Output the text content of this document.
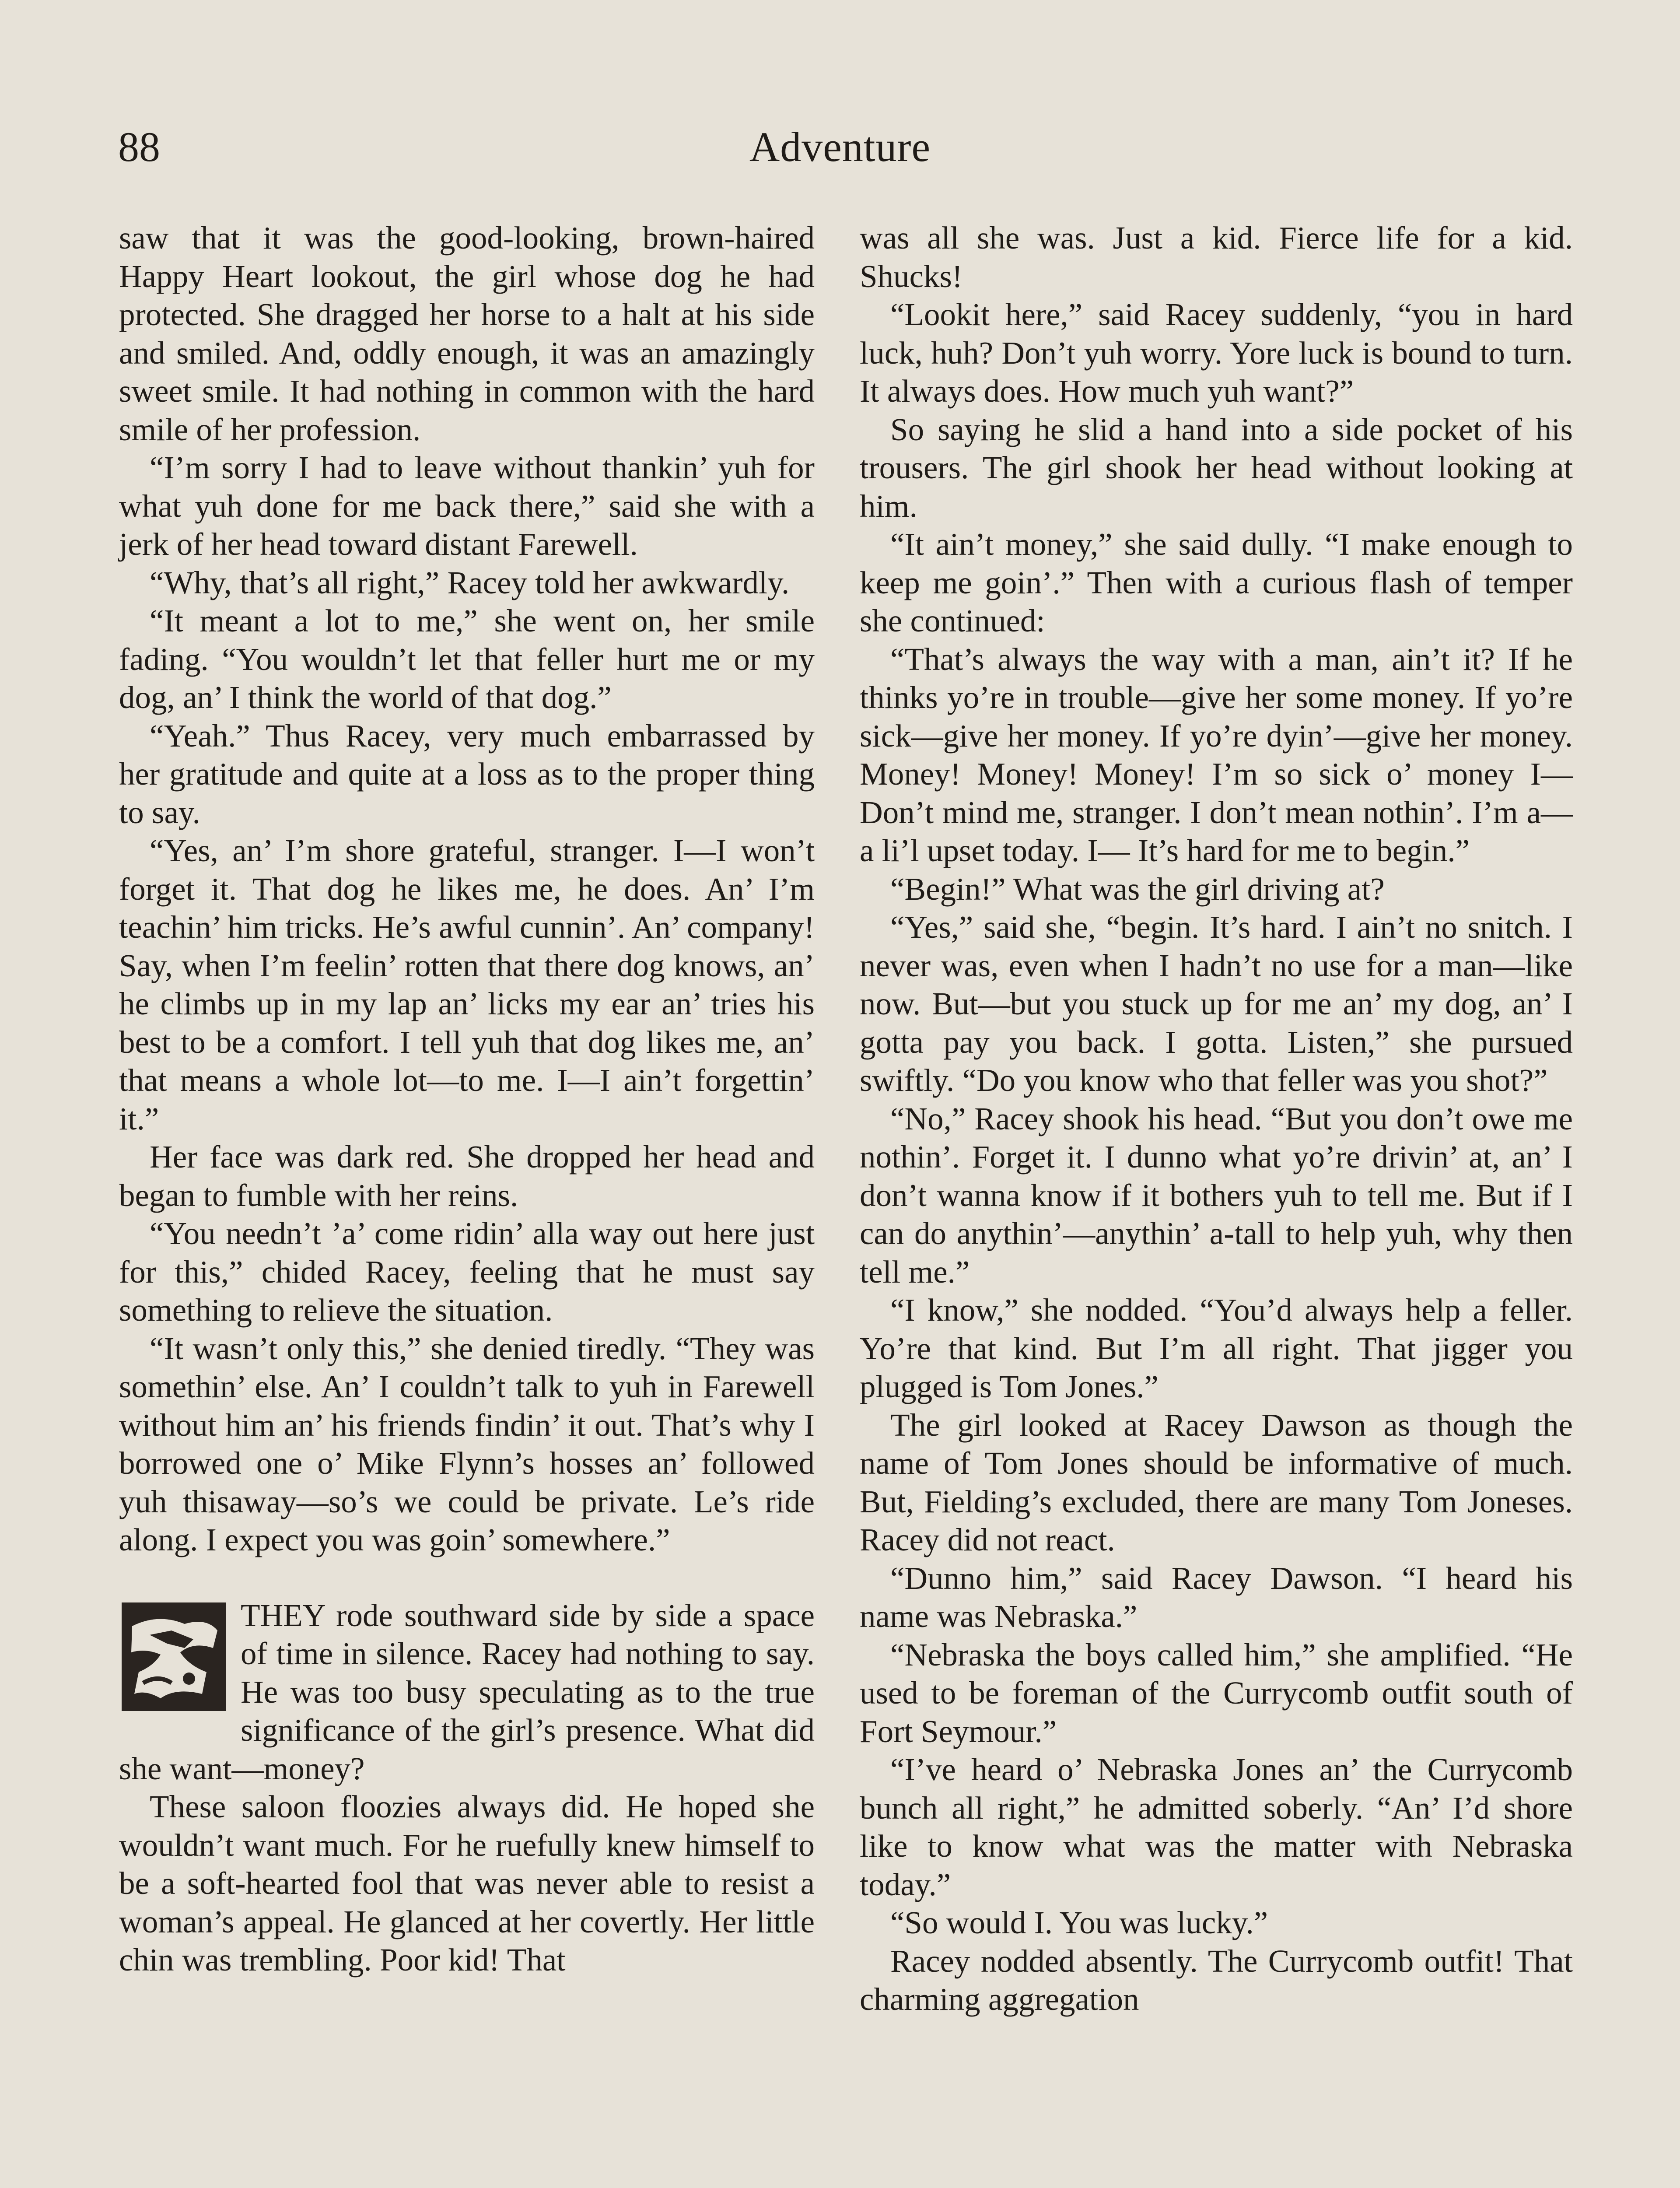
88	Adventure

saw that it was the good-looking, brown-haired Happy Heart lookout, the girl whose dog he had protected. She dragged her horse to a halt at his side and smiled. And, oddly enough, it was an amazingly sweet smile. It had nothing in common with the hard smile of her profession.

“I’m sorry I had to leave without thankin’ yuh for what yuh done for me back there,” said she with a jerk of her head toward distant Farewell.

“Why, that’s all right,” Racey told her awkwardly.

“It meant a lot to me,” she went on, her smile fading. “You wouldn’t let that feller hurt me or my dog, an’ I think the world of that dog.”

“Yeah.” Thus Racey, very much embarrassed by her gratitude and quite at a loss as to the proper thing to say.

“Yes, an’ I’m shore grateful, stranger. I—I won’t forget it. That dog he likes me, he does. An’ I’m teachin’ him tricks. He’s awful cunnin’. An’ company! Say, when I’m feelin’ rotten that there dog knows, an’ he climbs up in my lap an’ licks my ear an’ tries his best to be a comfort. I tell yuh that dog likes me, an’ that means a whole lot—to me. I—I ain’t forgettin’ it.”

Her face was dark red. She dropped her head and began to fumble with her reins.

“You needn’t ’a’ come ridin’ alla way out here just for this,” chided Racey, feeling that he must say something to relieve the situation.

“It wasn’t only this,” she denied tiredly. “They was somethin’ else. An’ I couldn’t talk to yuh in Farewell without him an’ his friends findin’ it out. That’s why I borrowed one o’ Mike Flynn’s hosses an’ followed yuh thisaway—so’s we could be private. Le’s ride along. I expect you was goin’ somewhere.”

THEY rode southward side by side a space of time in silence. Racey had nothing to say. He was too busy speculating as to the true significance of the girl’s presence. What did she want—money?

These saloon floozies always did. He hoped she wouldn’t want much. For he ruefully knew himself to be a soft-hearted fool that was never able to resist a woman’s appeal. He glanced at her covertly. Her little chin was trembling. Poor kid! That

was all she was. Just a kid. Fierce life for a kid. Shucks!

“Lookit here,” said Racey suddenly, “you in hard luck, huh? Don’t yuh worry. Yore luck is bound to turn. It always does. How much yuh want?”

So saying he slid a hand into a side pocket of his trousers. The girl shook her head without looking at him.

“It ain’t money,” she said dully. “I make enough to keep me goin’.” Then with a curious flash of temper she continued:

“That’s always the way with a man, ain’t it? If he thinks yo’re in trouble—give her some money. If yo’re sick—give her money. If yo’re dyin’—give her money. Money! Money! Money! I’m so sick o’ money I— Don’t mind me, stranger. I don’t mean nothin’. I’m a—a li’l upset today. I— It’s hard for me to begin.”

“Begin!” What was the girl driving at?

“Yes,” said she, “begin. It’s hard. I ain’t no snitch. I never was, even when I hadn’t no use for a man—like now. But—but you stuck up for me an’ my dog, an’ I gotta pay you back. I gotta. Listen,” she pursued swiftly. “Do you know who that feller was you shot?”

“No,” Racey shook his head. “But you don’t owe me nothin’. Forget it. I dunno what yo’re drivin’ at, an’ I don’t wanna know if it bothers yuh to tell me. But if I can do anythin’—anythin’ a-tall to help yuh, why then tell me.”

“I know,” she nodded. “You’d always help a feller. Yo’re that kind. But I’m all right. That jigger you plugged is Tom Jones.”

The girl looked at Racey Dawson as though the name of Tom Jones should be informative of much. But, Fielding’s excluded, there are many Tom Joneses. Racey did not react.

“Dunno him,” said Racey Dawson. “I heard his name was Nebraska.”

“Nebraska the boys called him,” she amplified. “He used to be foreman of the Currycomb outfit south of Fort Seymour.”

“I’ve heard o’ Nebraska Jones an’ the Currycomb bunch all right,” he admitted soberly. “An’ I’d shore like to know what was the matter with Nebraska today.”

“So would I. You was lucky.”

Racey nodded absently. The Currycomb outfit! That charming aggregation
